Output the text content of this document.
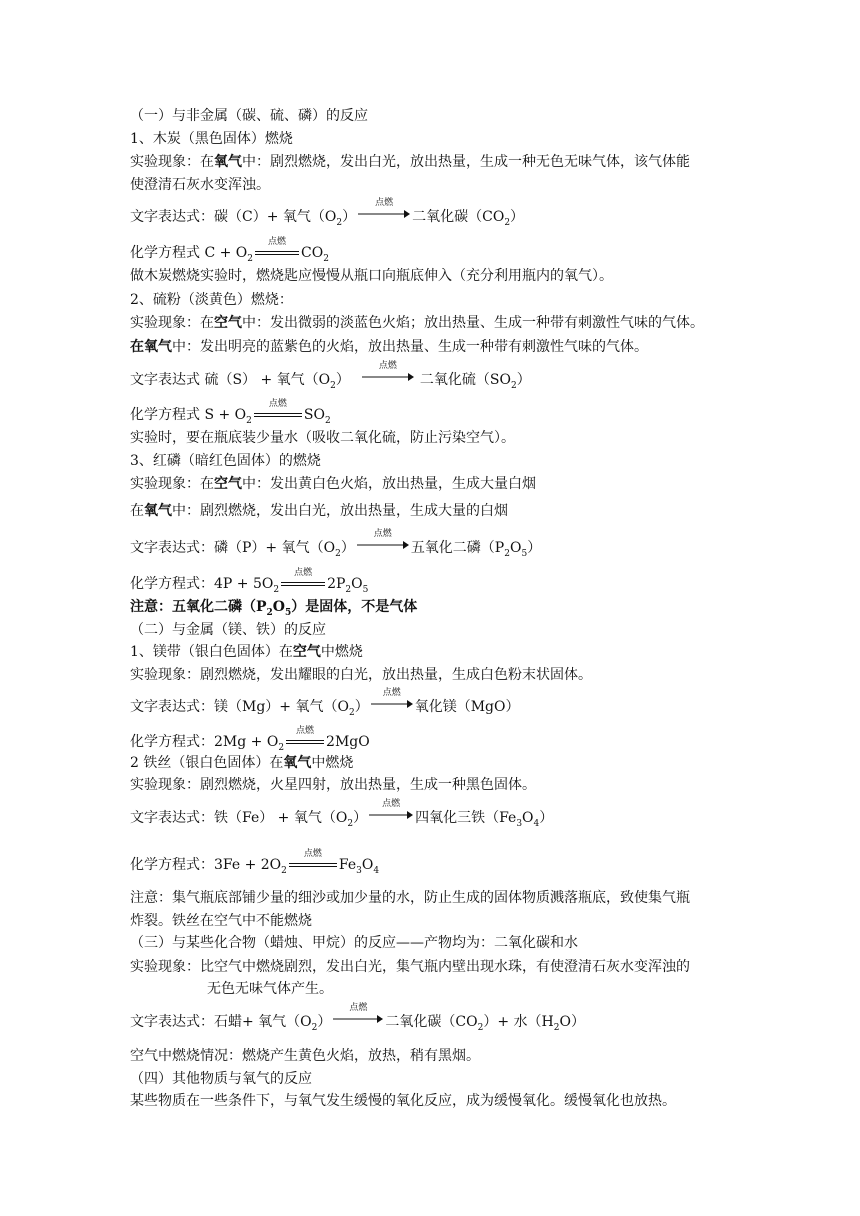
（一）与非金属（碳、硫、磷）的反应
1、木炭（黑色固体）燃烧
实验现象：在氧气中：剧烈燃烧，发出白光，放出热量，生成一种无色无味气体，该气体能
使澄清石灰水变浑浊。
文字表达式：碳（C）+ 氧气$(O_2)$
点燃
二氧化碳$(CO_2)$
化学方程式 $C + O_2$
点燃
$CO_2$
做木炭燃烧实验时，燃烧匙应慢慢从瓶口向瓶底伸入（充分利用瓶内的氧气）。
2、硫粉（淡黄色）燃烧：
实验现象：在空气中：发出微弱的淡蓝色火焰；放出热量、生成一种带有刺激性气味的气体。
在氧气中：发出明亮的蓝紫色的火焰，放出热量、生成一种带有刺激性气味的气体。
文字表达式 硫（S） + 氧气$(O_2)$
点燃
二氧化硫$(SO_2)$
化学方程式 $S + O_2$
点燃
$SO_2$
实验时，要在瓶底装少量水（吸收二氧化硫，防止污染空气）。
3、红磷（暗红色固体）的燃烧
实验现象：在空气中：发出黄白色火焰，放出热量，生成大量白烟
在氧气中：剧烈燃烧，发出白光，放出热量，生成大量的白烟
文字表达式：磷（P）+ 氧气$(O_2)$
点燃
五氧化二磷$(P_2O_5)$
化学方程式：$4P + 5O_2$
点燃
$2P_2O_5$
注意：五氧化二磷$(P_2O_5)$是固体，不是气体
（二）与金属（镁、铁）的反应
1、镁带（银白色固体）在空气中燃烧
实验现象：剧烈燃烧，发出耀眼的白光，放出热量，生成白色粉末状固体。
文字表达式：镁（Mg）+ 氧气$(O_2)$
点燃
氧化镁（MgO）
化学方程式：$2Mg + O_2$
点燃
2MgO
2 铁丝（银白色固体）在氧气中燃烧
实验现象：剧烈燃烧，火星四射，放出热量，生成一种黑色固体。
文字表达式：铁（Fe） + 氧气$(O_2)$
点燃
四氧化三铁$(Fe_3O_4)$
化学方程式：$3Fe + 2O_2$
点燃
$Fe_3O_4$
注意：集气瓶底部铺少量的细沙或加少量的水，防止生成的固体物质溅落瓶底，致使集气瓶
炸裂。铁丝在空气中不能燃烧
（三）与某些化合物（蜡烛、甲烷）的反应——产物均为：二氧化碳和水
实验现象：比空气中燃烧剧烈，发出白光，集气瓶内壁出现水珠，有使澄清石灰水变浑浊的
无色无味气体产生。
文字表达式：石蜡+ 氧气$(O_2)$
点燃
二氧化碳$(CO_2)+$ 水$(H_2O)$
空气中燃烧情况：燃烧产生黄色火焰，放热，稍有黑烟。
（四）其他物质与氧气的反应
某些物质在一些条件下，与氧气发生缓慢的氧化反应，成为缓慢氧化。缓慢氧化也放热。
